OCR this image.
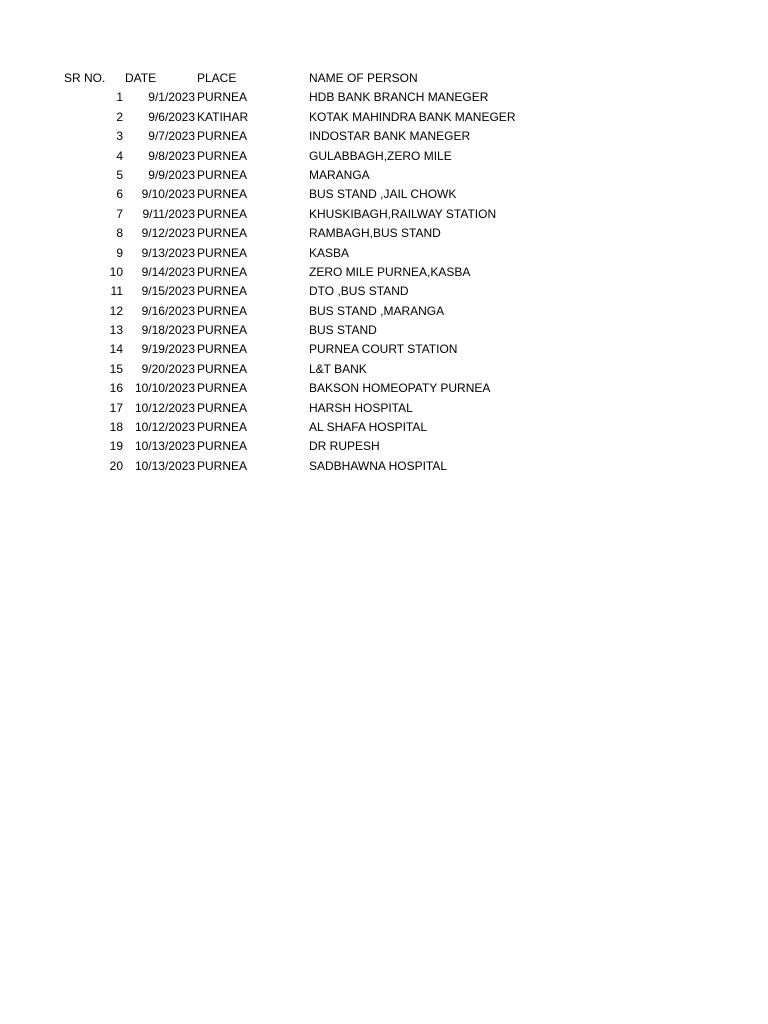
SR NO. DATE	PLACE	NAME OF PERSON
1	9/1/2023 PURNEA	HDB BANK BRANCH MANEGER
2	9/6/2023 KATIHAR	KOTAK MAHINDRA BANK MANEGER
3	9/7/2023 PURNEA	INDOSTAR BANK MANEGER
4	9/8/2023 PURNEA	GULABBAGH,ZERO MILE
5	9/9/2023 PURNEA	MARANGA
6	9/10/2023 PURNEA	BUS STAND ,JAIL CHOWK
7	9/11/2023 PURNEA	KHUSKIBAGH,RAILWAY STATION
8	9/12/2023 PURNEA	RAMBAGH,BUS STAND
9	9/13/2023 PURNEA	KASBA
10	9/14/2023 PURNEA	ZERO MILE PURNEA,KASBA
11	9/15/2023 PURNEA	DTO ,BUS STAND
12	9/16/2023 PURNEA	BUS STAND ,MARANGA
13	9/18/2023 PURNEA	BUS STAND
14	9/19/2023 PURNEA	PURNEA COURT STATION
15	9/20/2023 PURNEA	L&T BANK
16 10/10/2023 PURNEA	BAKSON HOMEOPATY PURNEA
17 10/12/2023 PURNEA	HARSH HOSPITAL
18 10/12/2023 PURNEA	AL SHAFA HOSPITAL
19 10/13/2023 PURNEA	DR RUPESH
20 10/13/2023 PURNEA	SADBHAWNA HOSPITAL
